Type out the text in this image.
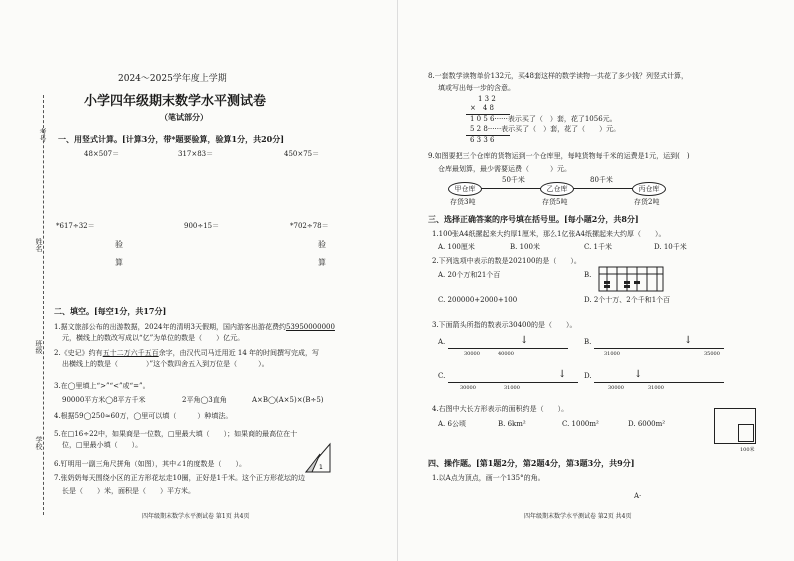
考号
姓名
班级
学校
2024～2025学年度上学期
小学四年级期末数学水平测试卷
（笔试部分）
一、用竖式计算。[计算3分，带*题要验算，验算1分，共20分]
48×507＝	317×83＝	450×75＝
*617÷32＝	900÷15＝	*702÷78＝
验
算
验
算
二、填空。[每空1分，共17分]
1.据文旅部公布的出游数据，2024年的清明3天假期，国内游客出游花费约53950000000
元，横线上的数改写成以“亿”为单位的数是（　　）亿元。
2.《史记》约有五十二万六千五百余字，由汉代司马迁用近 14 年的时间撰写完成，写
出横线上的数是（　　　　）”这个数四舍五入到万位是（　　　）。
3.在◯里填上“>”“<”或“=”。
90000平方米◯8平方千米	2平角◯3直角	A×B◯(A×5)×(B÷5)
4.根据59◯250≈60万，◯里可以填（　　　）种填法。
5.在□16÷22中，如果商是一位数，□里最大填（　　）；如果商的最高位在十
位，□里最小填（　　）。
6.钉明用一副三角尺拼角（如图），其中∠1的度数是（　　）。
7.张奶奶每天围绕小区的正方形花坛走10圈，正好是1千米。这个正方形花坛的边
长是（　　）米，面积是（　　）平方米。
1
四年级期末数学水平测试卷 第1页 共4页
8.一套数学读物单价132元，买48套这样的数学读物一共花了多少钱？列竖式计算，
填或写出每一步的含意。
1 3 2
×　4 8
1 0 5 6······表示买了（　）套，花了1056元。
5 2 8······表示买了（　）套，花了（　　）元。
6 3 3 6
9.如图要把三个仓库的货物运到一个仓库里，每吨货物每千米的运费是1元，运到(　)
仓库最划算，最少需要运费（　　　）元。
甲仓库	乙仓库	丙仓库
50千米	80千米
存货3吨	存货5吨	存货2吨
三、选择正确答案的序号填在括号里。[每小题2分，共8分]
1.100张A4纸摞起来大约厚1厘米，那么1亿张A4纸摞起来大约厚（　　）。
A. 100厘米	B. 100米	C. 1千米	D. 10千米
2.下列选项中表示的数是202100的是（　　）。
A. 20个万和21个百	B.
C. 200000+2000+100	D. 2个十万、2个千和1个百
3.下面箭头所指的数表示30400的是（　　）。
A.	↓
30000	40000
B.	↓
31000	35000
C.	↓
30000	31000
D.	↓
30000	31000
4.右图中大长方形表示的面积约是（　　）。
A. 6公顷	B. 6km²	C. 1000m²	D. 6000m²
100米
四、操作题。[第1题2分，第2题4分，第3题3分，共9分]
1.以A点为顶点，画一个135°的角。
A·
四年级期末数学水平测试卷 第2页 共4页
